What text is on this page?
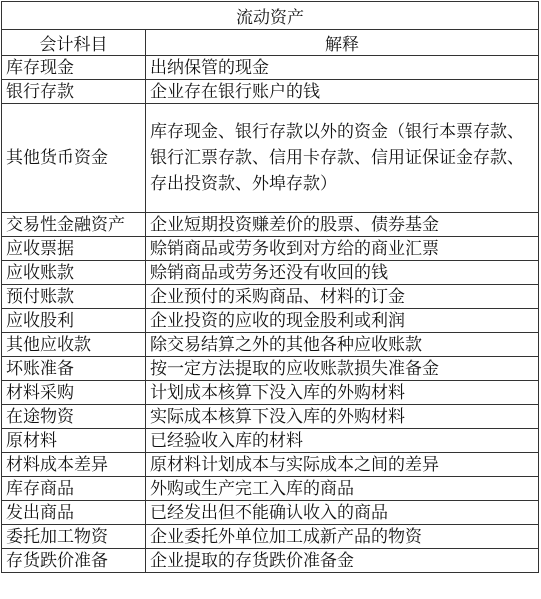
流动资产	
会计科目	解释
库存现金	出纳保管的现金
银行存款	企业存在银行账户的钱
其他货币资金	库存现金、银行存款以外的资金（银行本票存款、银行汇票存款、信用卡存款、信用证保证金存款、存出投资款、外埠存款）
交易性金融资产	企业短期投资赚差价的股票、债券基金
应收票据	赊销商品或劳务收到对方给的商业汇票
应收账款	赊销商品或劳务还没有收回的钱
预付账款	企业预付的采购商品、材料的订金
应收股利	企业投资的应收的现金股利或利润
其他应收款	除交易结算之外的其他各种应收账款
坏账准备	按一定方法提取的应收账款损失准备金
材料采购	计划成本核算下没入库的外购材料
在途物资	实际成本核算下没入库的外购材料
原材料	已经验收入库的材料
材料成本差异	原材料计划成本与实际成本之间的差异
库存商品	外购或生产完工入库的商品
发出商品	已经发出但不能确认收入的商品
委托加工物资	企业委托外单位加工成新产品的物资
存货跌价准备	企业提取的存货跌价准备金
